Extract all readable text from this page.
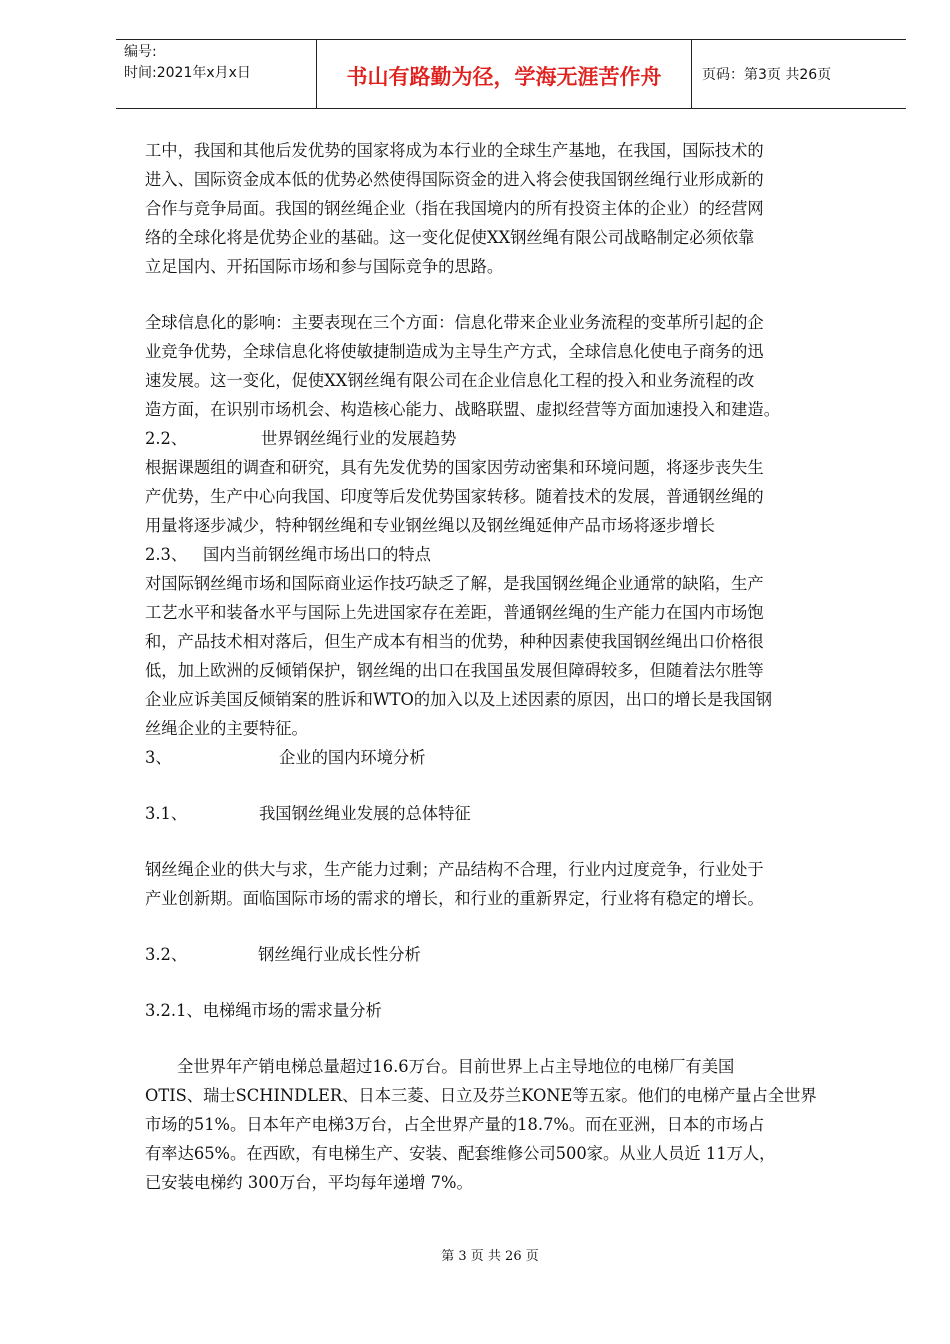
编号:
时间:2021年x月x日	书山有路勤为径，学海无涯苦作舟	页码：第3页 共26页
工中，我国和其他后发优势的国家将成为本行业的全球生产基地，在我国，国际技术的
进入、国际资金成本低的优势必然使得国际资金的进入将会使我国钢丝绳行业形成新的
合作与竞争局面。我国的钢丝绳企业（指在我国境内的所有投资主体的企业）的经营网
络的全球化将是优势企业的基础。这一变化促使XX钢丝绳有限公司战略制定必须依靠
立足国内、开拓国际市场和参与国际竞争的思路。
全球信息化的影响：主要表现在三个方面：信息化带来企业业务流程的变革所引起的企
业竞争优势，全球信息化将使敏捷制造成为主导生产方式，全球信息化使电子商务的迅
速发展。这一变化，促使XX钢丝绳有限公司在企业信息化工程的投入和业务流程的改
造方面，在识别市场机会、构造核心能力、战略联盟、虚拟经营等方面加速投入和建造。
2.2、	世界钢丝绳行业的发展趋势
根据课题组的调查和研究，具有先发优势的国家因劳动密集和环境问题，将逐步丧失生
产优势，生产中心向我国、印度等后发优势国家转移。随着技术的发展，普通钢丝绳的
用量将逐步减少，特种钢丝绳和专业钢丝绳以及钢丝绳延伸产品市场将逐步增长
2.3、 国内当前钢丝绳市场出口的特点
对国际钢丝绳市场和国际商业运作技巧缺乏了解，是我国钢丝绳企业通常的缺陷，生产
工艺水平和装备水平与国际上先进国家存在差距，普通钢丝绳的生产能力在国内市场饱
和，产品技术相对落后，但生产成本有相当的优势，种种因素使我国钢丝绳出口价格很
低，加上欧洲的反倾销保护，钢丝绳的出口在我国虽发展但障碍较多，但随着法尔胜等
企业应诉美国反倾销案的胜诉和WTO的加入以及上述因素的原因，出口的增长是我国钢
丝绳企业的主要特征。
3、	企业的国内环境分析
3.1、	我国钢丝绳业发展的总体特征
钢丝绳企业的供大与求，生产能力过剩；产品结构不合理，行业内过度竞争，行业处于
产业创新期。面临国际市场的需求的增长，和行业的重新界定，行业将有稳定的增长。
3.2、	钢丝绳行业成长性分析
3.2.1、电梯绳市场的需求量分析
全世界年产销电梯总量超过16.6万台。目前世界上占主导地位的电梯厂有美国
OTIS、瑞士SCHINDLER、日本三菱、日立及芬兰KONE等五家。他们的电梯产量占全世界
市场的51%。日本年产电梯3万台，占全世界产量的18.7%。而在亚洲，日本的市场占
有率达65%。在西欧，有电梯生产、安装、配套维修公司500家。从业人员近 11万人，
已安装电梯约 300万台，平均每年递增 7%。
第 3 页 共 26 页
